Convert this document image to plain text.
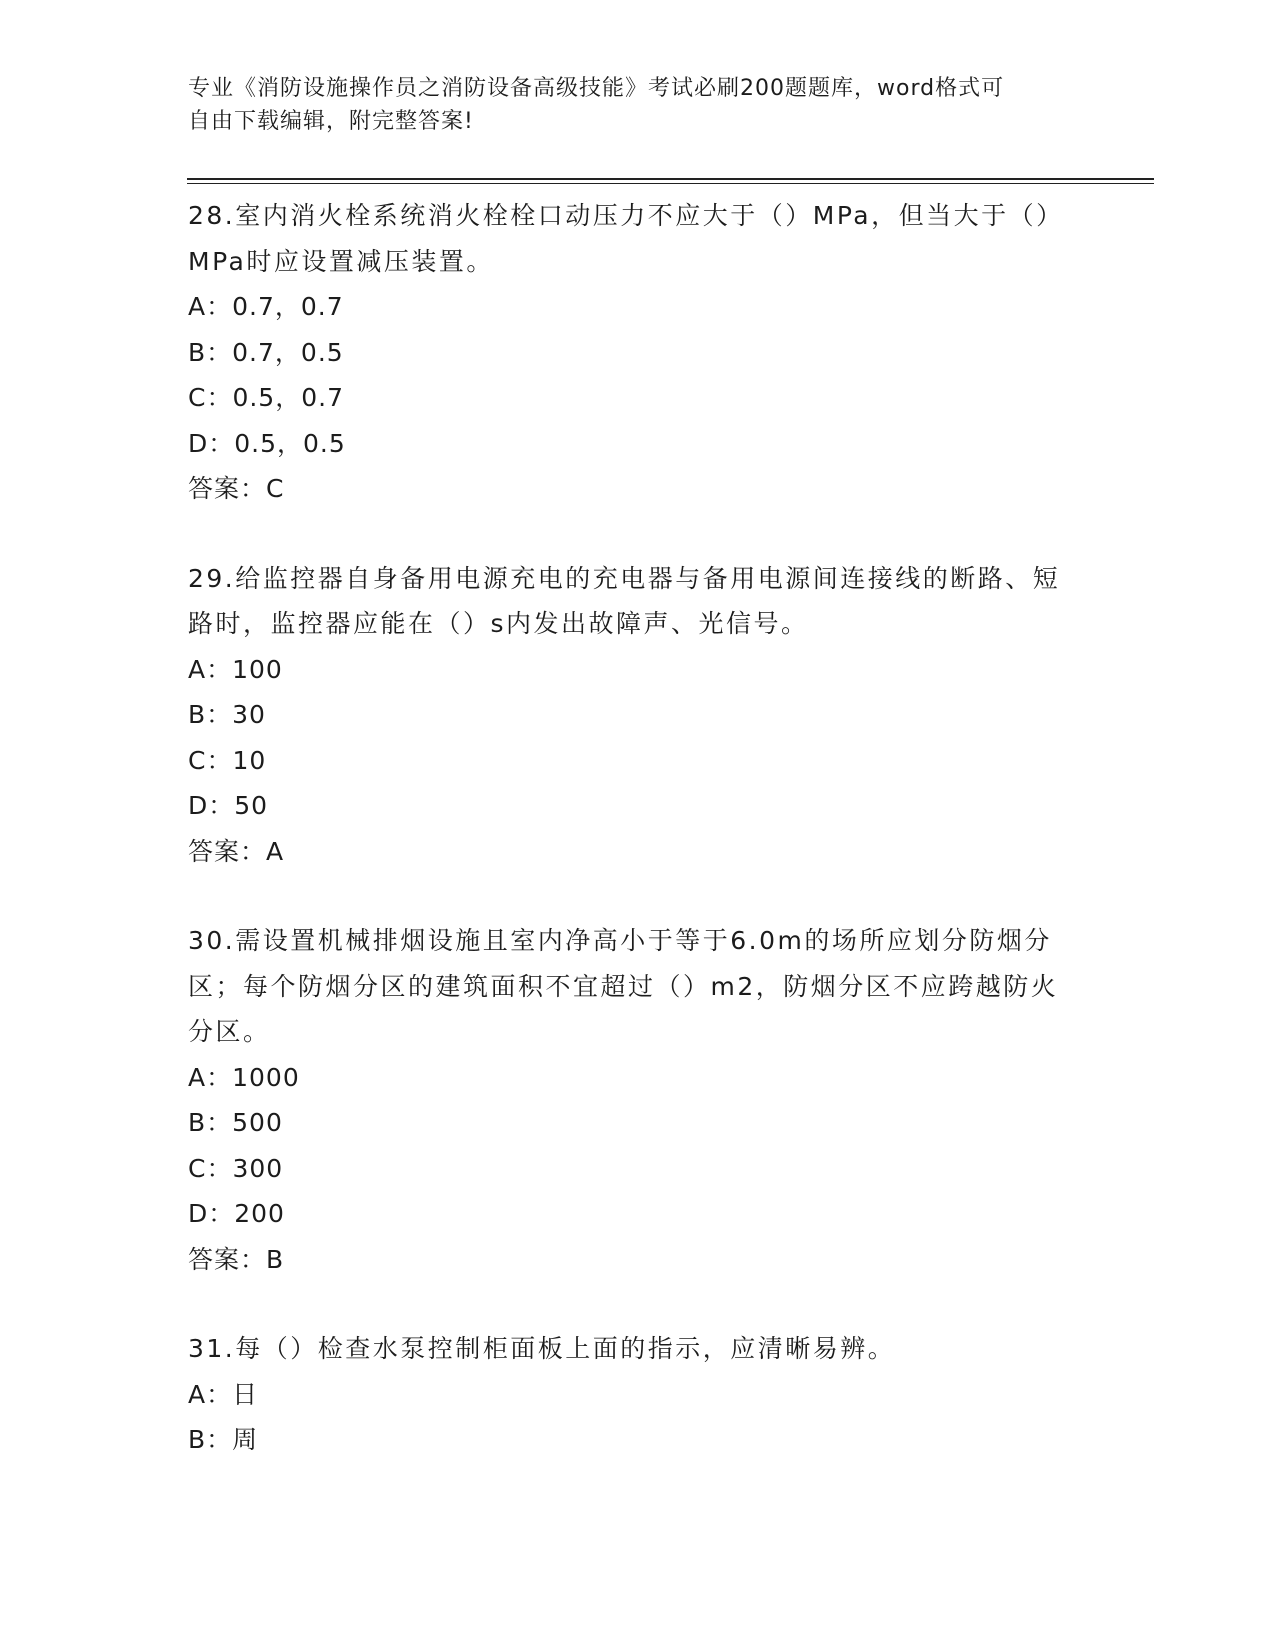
专业《消防设施操作员之消防设备高级技能》考试必刷200题题库，word格式可
自由下载编辑，附完整答案!
28.室内消火栓系统消火栓栓口动压力不应大于（）MPa，但当大于（）MPa时应设置减压装置。
A：0.7，0.7
B：0.7，0.5
C：0.5，0.7
D：0.5，0.5
答案：C
29.给监控器自身备用电源充电的充电器与备用电源间连接线的断路、短路时，监控器应能在（）s内发出故障声、光信号。
A：100
B：30
C：10
D：50
答案：A
30.需设置机械排烟设施且室内净高小于等于6.0m的场所应划分防烟分区；每个防烟分区的建筑面积不宜超过（）m2，防烟分区不应跨越防火分区。
A：1000
B：500
C：300
D：200
答案：B
31.每（）检查水泵控制柜面板上面的指示，应清晰易辨。
A：日
B：周
